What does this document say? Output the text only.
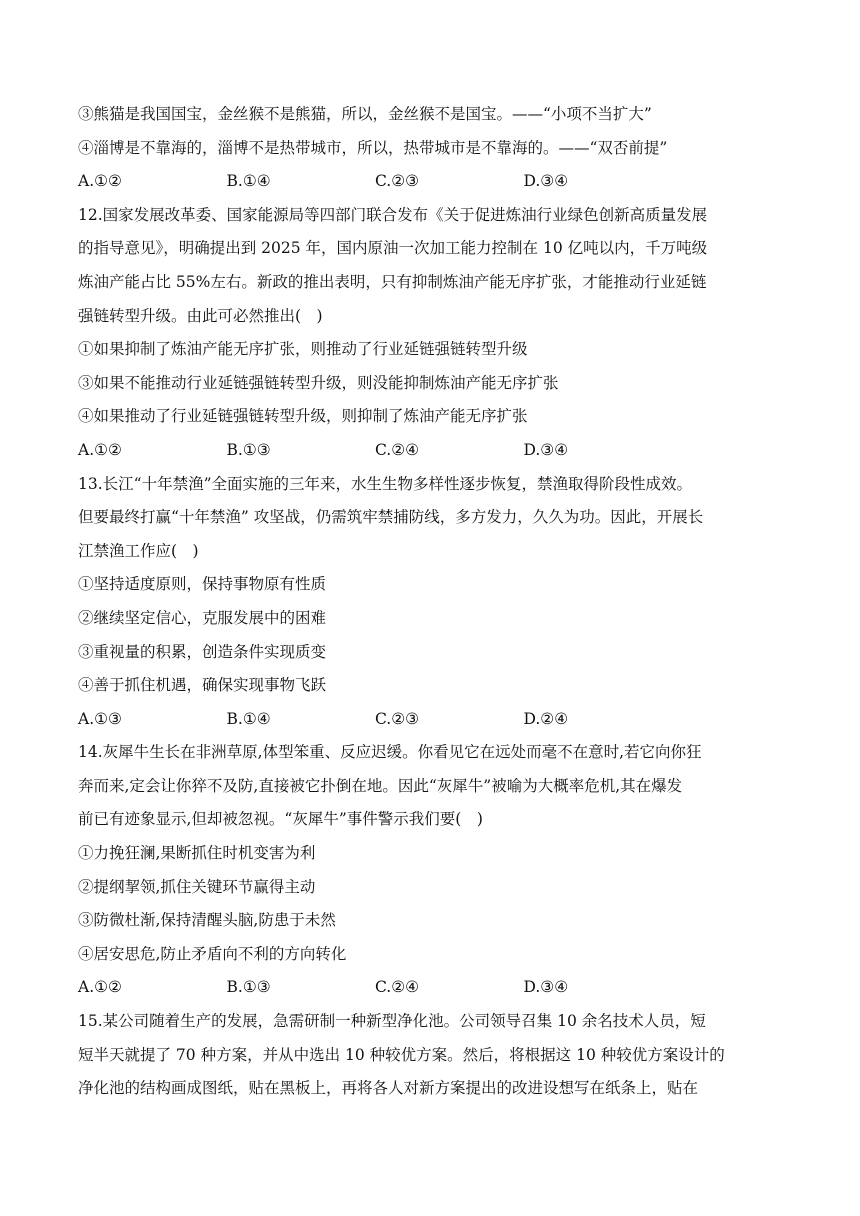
③熊猫是我国国宝，金丝猴不是熊猫，所以，金丝猴不是国宝。——“小项不当扩大”
④淄博是不靠海的，淄博不是热带城市，所以，热带城市是不靠海的。——“双否前提”
A.①②	B.①④	C.②③	D.③④
12.国家发展改革委、国家能源局等四部门联合发布《关于促进炼油行业绿色创新高质量发展
的指导意见》，明确提出到 2025 年，国内原油一次加工能力控制在 10 亿吨以内，千万吨级
炼油产能占比 55%左右。新政的推出表明，只有抑制炼油产能无序扩张，才能推动行业延链
强链转型升级。由此可必然推出(　)
①如果抑制了炼油产能无序扩张，则推动了行业延链强链转型升级
③如果不能推动行业延链强链转型升级，则没能抑制炼油产能无序扩张
④如果推动了行业延链强链转型升级，则抑制了炼油产能无序扩张
A.①②	B.①③	C.②④	D.③④
13.长江“十年禁渔”全面实施的三年来，水生生物多样性逐步恢复，禁渔取得阶段性成效。
但要最终打赢“十年禁渔” 攻坚战，仍需筑牢禁捕防线，多方发力，久久为功。因此，开展长
江禁渔工作应(　)
①坚持适度原则，保持事物原有性质
②继续坚定信心，克服发展中的困难
③重视量的积累，创造条件实现质变
④善于抓住机遇，确保实现事物飞跃
A.①③	B.①④	C.②③	D.②④
14.灰犀牛生长在非洲草原,体型笨重、反应迟缓。你看见它在远处而毫不在意时,若它向你狂
奔而来,定会让你猝不及防,直接被它扑倒在地。因此“灰犀牛”被喻为大概率危机,其在爆发
前已有迹象显示,但却被忽视。“灰犀牛”事件警示我们要(　)
①力挽狂澜,果断抓住时机变害为利
②提纲挈领,抓住关键环节赢得主动
③防微杜渐,保持清醒头脑,防患于未然
④居安思危,防止矛盾向不利的方向转化
A.①②	B.①③	C.②④	D.③④
15.某公司随着生产的发展，急需研制一种新型净化池。公司领导召集 10 余名技术人员，短
短半天就提了 70 种方案，并从中选出 10 种较优方案。然后，将根据这 10 种较优方案设计的
净化池的结构画成图纸，贴在黑板上，再将各人对新方案提出的改进设想写在纸条上，贴在
